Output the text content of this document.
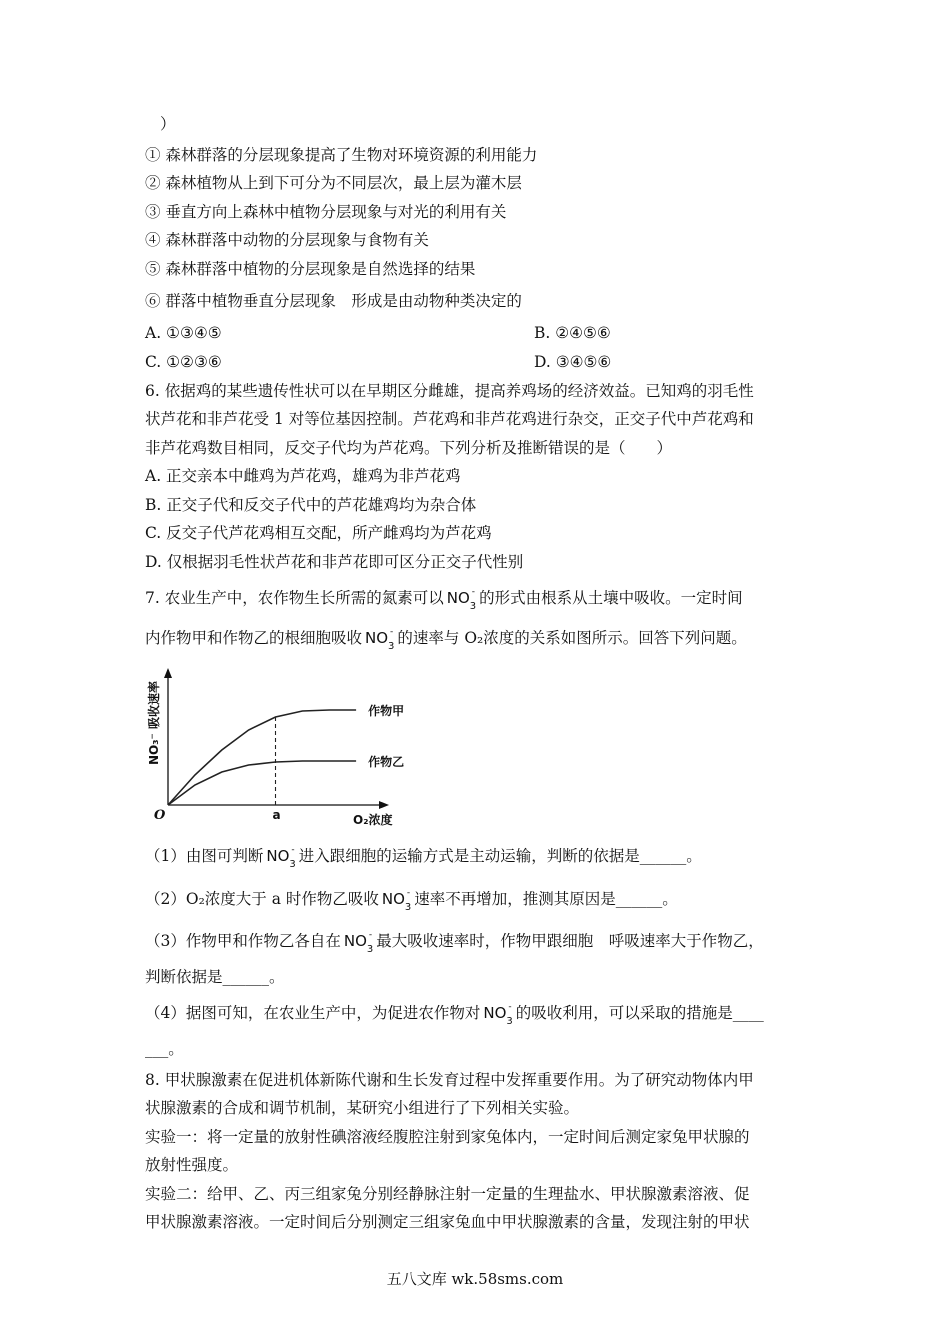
）
① 森林群落的分层现象提高了生物对环境资源的利用能力
② 森林植物从上到下可分为不同层次，最上层为灌木层
③ 垂直方向上森林中植物分层现象与对光的利用有关
④ 森林群落中动物的分层现象与食物有关
⑤ 森林群落中植物的分层现象是自然选择的结果
⑥ 群落中植物垂直分层现象　形成是由动物种类决定的
A. ①③④⑤	B. ②④⑤⑥
C. ①②③⑥	D. ③④⑤⑥
6. 依据鸡的某些遗传性状可以在早期区分雌雄，提高养鸡场的经济效益。已知鸡的羽毛性
状芦花和非芦花受 1 对等位基因控制。芦花鸡和非芦花鸡进行杂交，正交子代中芦花鸡和
非芦花鸡数目相同，反交子代均为芦花鸡。下列分析及推断错误的是（　　）
A. 正交亲本中雌鸡为芦花鸡，雄鸡为非芦花鸡
B. 正交子代和反交子代中的芦花雄鸡均为杂合体
C. 反交子代芦花鸡相互交配，所产雌鸡均为芦花鸡
D. 仅根据羽毛性状芦花和非芦花即可区分正交子代性别
7. 农业生产中，农作物生长所需的氮素可以 $NO_3$
- 的形式由根系从土壤中吸收。一定时间
内作物甲和作物乙的根细胞吸收 $NO_3$
- 的速率与 O₂浓度的关系如图所示。回答下列问题。
作物甲
作物乙
O	a	O₂浓度
NO₃⁻ 吸收速率
（1）由图可判断 $NO_3$
- 进入跟细胞的运输方式是主动运输，判断的依据是______。
（2）O₂浓度大于 a 时作物乙吸收 $NO_3$
- 速率不再增加，推测其原因是______。
（3）作物甲和作物乙各自在 $NO_3$
- 最大吸收速率时，作物甲跟细胞　呼吸速率大于作物乙，
判断依据是______。
（4）据图可知，在农业生产中，为促进农作物对 $NO_3$
- 的吸收利用，可以采取的措施是____
___。
8. 甲状腺激素在促进机体新陈代谢和生长发育过程中发挥重要作用。为了研究动物体内甲
状腺激素的合成和调节机制，某研究小组进行了下列相关实验。
实验一：将一定量的放射性碘溶液经腹腔注射到家兔体内，一定时间后测定家兔甲状腺的
放射性强度。
实验二：给甲、乙、丙三组家兔分别经静脉注射一定量的生理盐水、甲状腺激素溶液、促
甲状腺激素溶液。一定时间后分别测定三组家兔血中甲状腺激素的含量，发现注射的甲状
五八文库 wk.58sms.com
